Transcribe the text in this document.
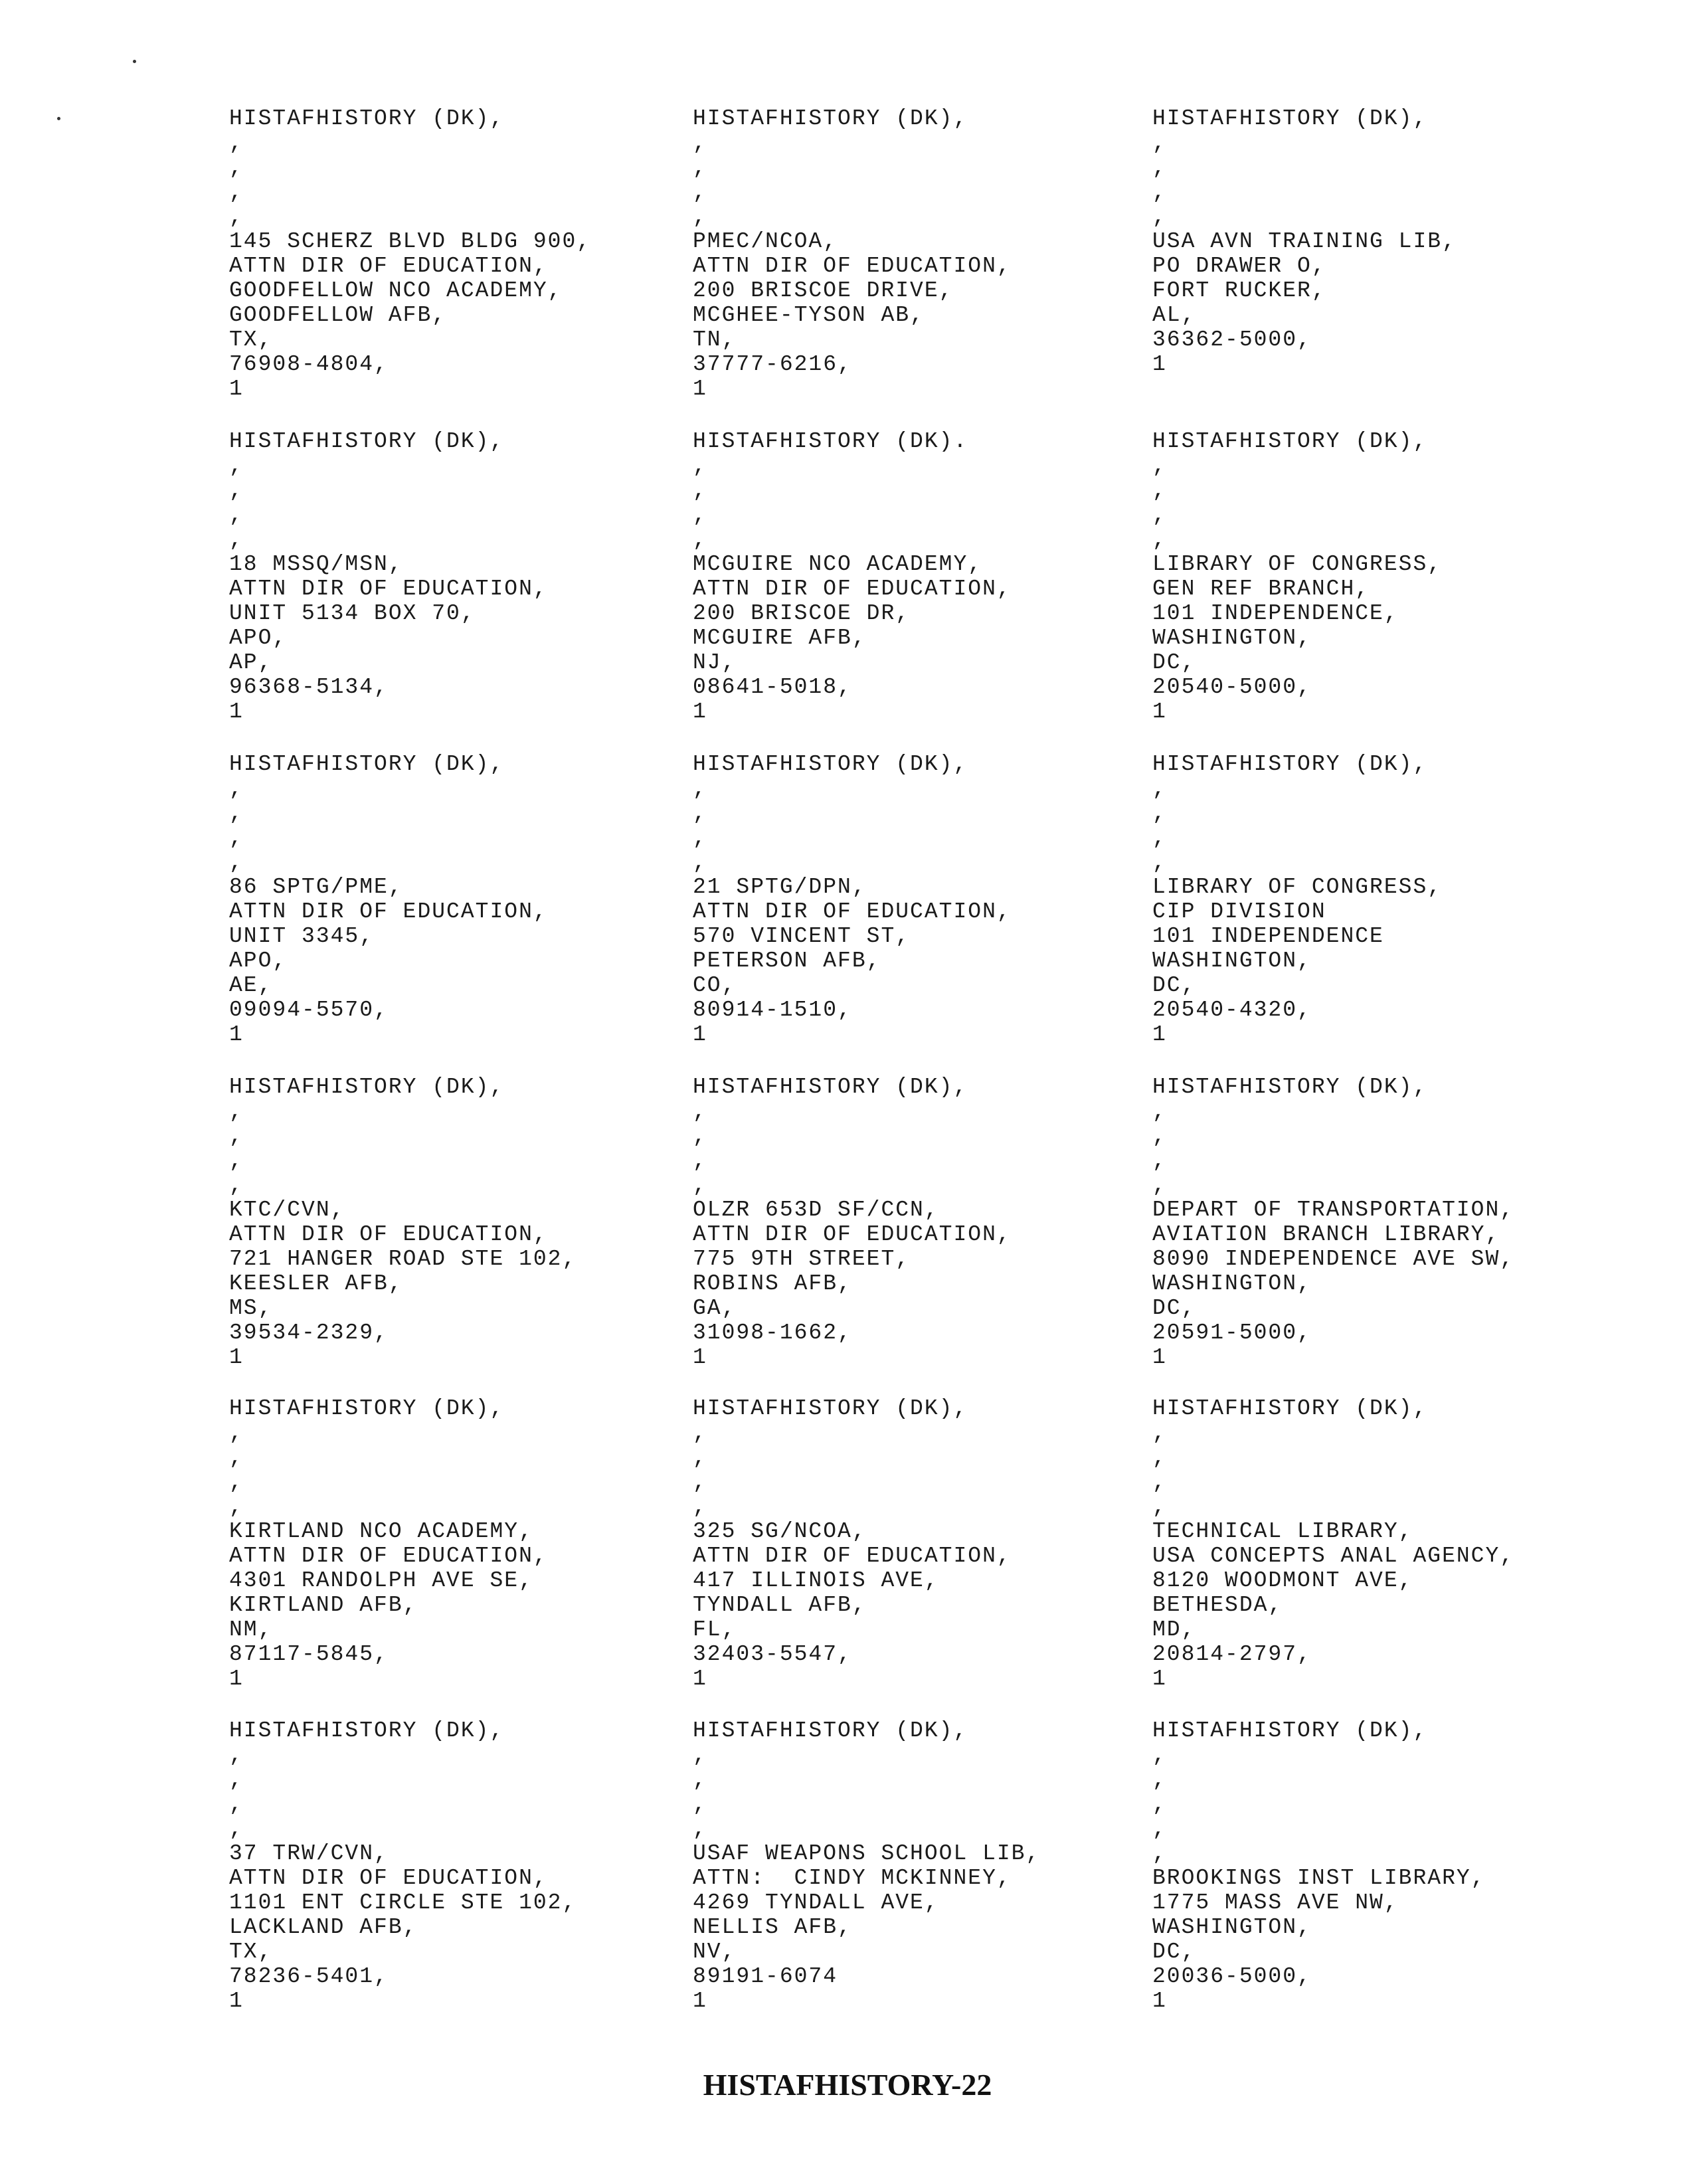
HISTAFHISTORY (DK),
,
,
,
,
145 SCHERZ BLVD BLDG 900,
ATTN DIR OF EDUCATION,
GOODFELLOW NCO ACADEMY,
GOODFELLOW AFB,
TX,
76908-4804,
1
HISTAFHISTORY (DK),
,
,
,
,
PMEC/NCOA,
ATTN DIR OF EDUCATION,
200 BRISCOE DRIVE,
MCGHEE-TYSON AB,
TN,
37777-6216,
1
HISTAFHISTORY (DK),
,
,
,
,
USA AVN TRAINING LIB,
PO DRAWER O,
FORT RUCKER,
AL,
36362-5000,
1
HISTAFHISTORY (DK),
,
,
,
,
18 MSSQ/MSN,
ATTN DIR OF EDUCATION,
UNIT 5134 BOX 70,
APO,
AP,
96368-5134,
1
HISTAFHISTORY (DK).
,
,
,
,
MCGUIRE NCO ACADEMY,
ATTN DIR OF EDUCATION,
200 BRISCOE DR,
MCGUIRE AFB,
NJ,
08641-5018,
1
HISTAFHISTORY (DK),
,
,
,
,
LIBRARY OF CONGRESS,
GEN REF BRANCH,
101 INDEPENDENCE,
WASHINGTON,
DC,
20540-5000,
1
HISTAFHISTORY (DK),
,
,
,
,
86 SPTG/PME,
ATTN DIR OF EDUCATION,
UNIT 3345,
APO,
AE,
09094-5570,
1
HISTAFHISTORY (DK),
,
,
,
,
21 SPTG/DPN,
ATTN DIR OF EDUCATION,
570 VINCENT ST,
PETERSON AFB,
CO,
80914-1510,
1
HISTAFHISTORY (DK),
,
,
,
,
LIBRARY OF CONGRESS,
CIP DIVISION
101 INDEPENDENCE
WASHINGTON,
DC,
20540-4320,
1
HISTAFHISTORY (DK),
,
,
,
,
KTC/CVN,
ATTN DIR OF EDUCATION,
721 HANGER ROAD STE 102,
KEESLER AFB,
MS,
39534-2329,
1
HISTAFHISTORY (DK),
,
,
,
,
OLZR 653D SF/CCN,
ATTN DIR OF EDUCATION,
775 9TH STREET,
ROBINS AFB,
GA,
31098-1662,
1
HISTAFHISTORY (DK),
,
,
,
,
DEPART OF TRANSPORTATION,
AVIATION BRANCH LIBRARY,
8090 INDEPENDENCE AVE SW,
WASHINGTON,
DC,
20591-5000,
1
HISTAFHISTORY (DK),
,
,
,
,
KIRTLAND NCO ACADEMY,
ATTN DIR OF EDUCATION,
4301 RANDOLPH AVE SE,
KIRTLAND AFB,
NM,
87117-5845,
1
HISTAFHISTORY (DK),
,
,
,
,
325 SG/NCOA,
ATTN DIR OF EDUCATION,
417 ILLINOIS AVE,
TYNDALL AFB,
FL,
32403-5547,
1
HISTAFHISTORY (DK),
,
,
,
,
TECHNICAL LIBRARY,
USA CONCEPTS ANAL AGENCY,
8120 WOODMONT AVE,
BETHESDA,
MD,
20814-2797,
1
HISTAFHISTORY (DK),
,
,
,
,
37 TRW/CVN,
ATTN DIR OF EDUCATION,
1101 ENT CIRCLE STE 102,
LACKLAND AFB,
TX,
78236-5401,
1
HISTAFHISTORY (DK),
,
,
,
,
USAF WEAPONS SCHOOL LIB,
ATTN:  CINDY MCKINNEY,
4269 TYNDALL AVE,
NELLIS AFB,
NV,
89191-6074
1
HISTAFHISTORY (DK),
,
,
,
,
,
BROOKINGS INST LIBRARY,
1775 MASS AVE NW,
WASHINGTON,
DC,
20036-5000,
1
HISTAFHISTORY-22
